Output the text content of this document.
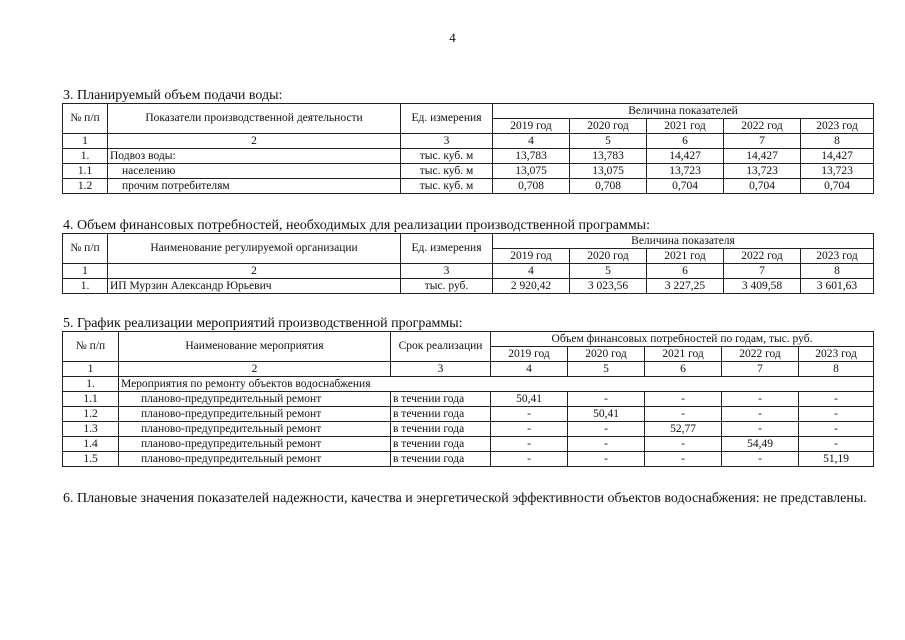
4
3. Планируемый объем подачи воды:
№ п/п	Показатели производственной деятельности	Ед. измерения	Величина показателей				
			2019 год	2020 год	2021 год	2022 год	2023 год
1	2	3	4	5	6	7	8
1.	Подвоз воды:	тыс. куб. м	13,783	13,783	14,427	14,427	14,427
1.1	населению	тыс. куб. м	13,075	13,075	13,723	13,723	13,723
1.2	прочим потребителям	тыс. куб. м	0,708	0,708	0,704	0,704	0,704
4. Объем финансовых потребностей, необходимых для реализации производственной программы:
№ п/п	Наименование регулируемой организации	Ед. измерения	Величина показателя				
			2019 год	2020 год	2021 год	2022 год	2023 год
1	2	3	4	5	6	7	8
1.	ИП Мурзин Александр Юрьевич	тыс. руб.	2 920,42	3 023,56	3 227,25	3 409,58	3 601,63
5. График реализации мероприятий производственной программы:
№ п/п	Наименование мероприятия	Срок реализации	Объем финансовых потребностей по годам, тыс. руб.				
			2019 год	2020 год	2021 год	2022 год	2023 год
1	2	3	4	5	6	7	8
1.	Мероприятия по ремонту объектов водоснабжения						
1.1	планово-предупредительный ремонт	в течении года	50,41	-	-	-	-
1.2	планово-предупредительный ремонт	в течении года	-	50,41	-	-	-
1.3	планово-предупредительный ремонт	в течении года	-	-	52,77	-	-
1.4	планово-предупредительный ремонт	в течении года	-	-	-	54,49	-
1.5	планово-предупредительный ремонт	в течении года	-	-	-	-	51,19
6. Плановые значения показателей надежности, качества и энергетической эффективности объектов водоснабжения: не представлены.
